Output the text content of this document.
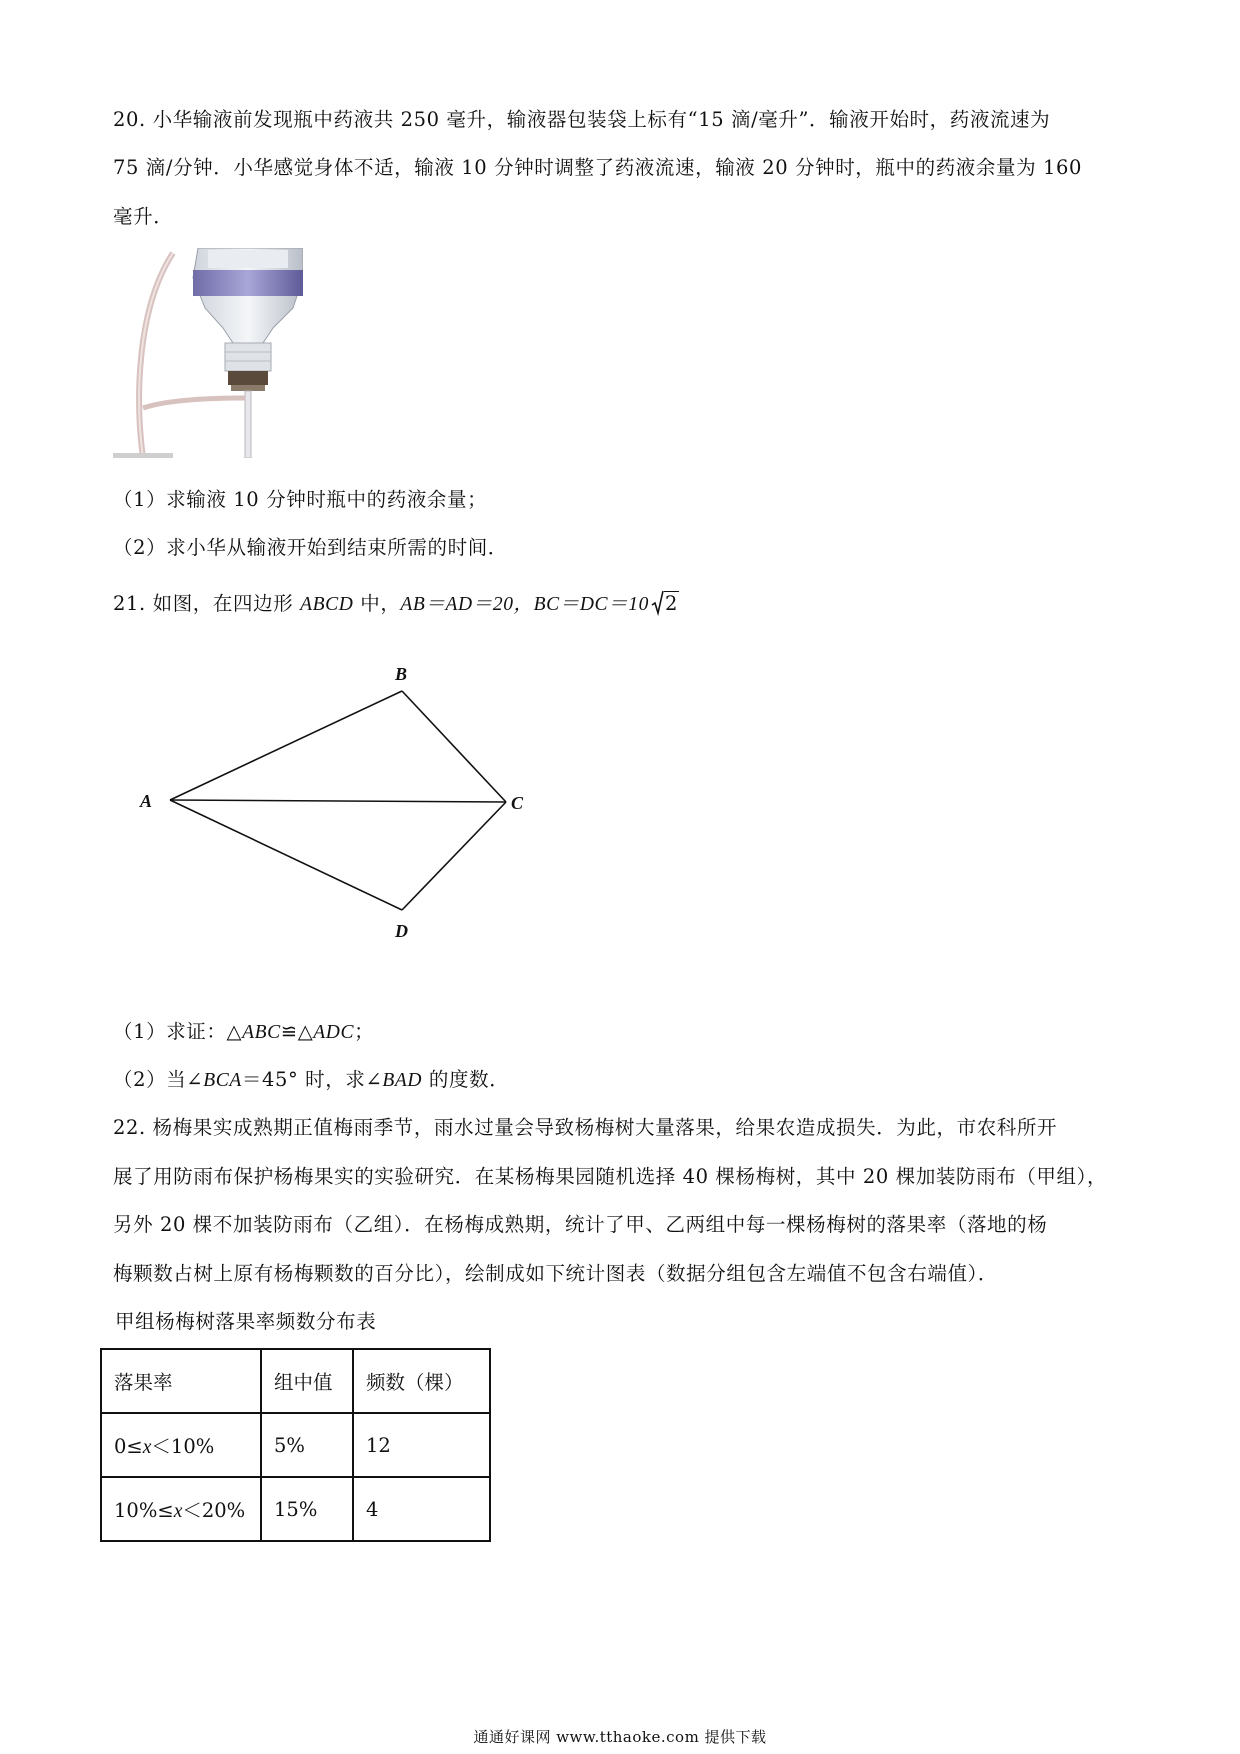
20. 小华输液前发现瓶中药液共 250 毫升，输液器包装袋上标有“15 滴/毫升”．输液开始时，药液流速为
75 滴/分钟．小华感觉身体不适，输液 10 分钟时调整了药液流速，输液 20 分钟时，瓶中的药液余量为 160
毫升．
（1）求输液 10 分钟时瓶中的药液余量；
（2）求小华从输液开始到结束所需的时间．
21. 如图，在四边形 ABCD 中，AB＝AD＝20，BC＝DC＝10 2
A
B
C
D
（1）求证：△ABC≌△ADC；
（2）当∠BCA＝45° 时，求∠BAD 的度数．
22. 杨梅果实成熟期正值梅雨季节，雨水过量会导致杨梅树大量落果，给果农造成损失．为此，市农科所开
展了用防雨布保护杨梅果实的实验研究．在某杨梅果园随机选择 40 棵杨梅树，其中 20 棵加装防雨布（甲组），
另外 20 棵不加装防雨布（乙组）．在杨梅成熟期，统计了甲、乙两组中每一棵杨梅树的落果率（落地的杨
梅颗数占树上原有杨梅颗数的百分比），绘制成如下统计图表（数据分组包含左端值不包含右端值）．
甲组杨梅树落果率频数分布表
落果率	组中值	频数（棵）
0≤x＜10%	5%	12
10%≤x＜20%	15%	4
通通好课网 www.tthaoke.com 提供下载
